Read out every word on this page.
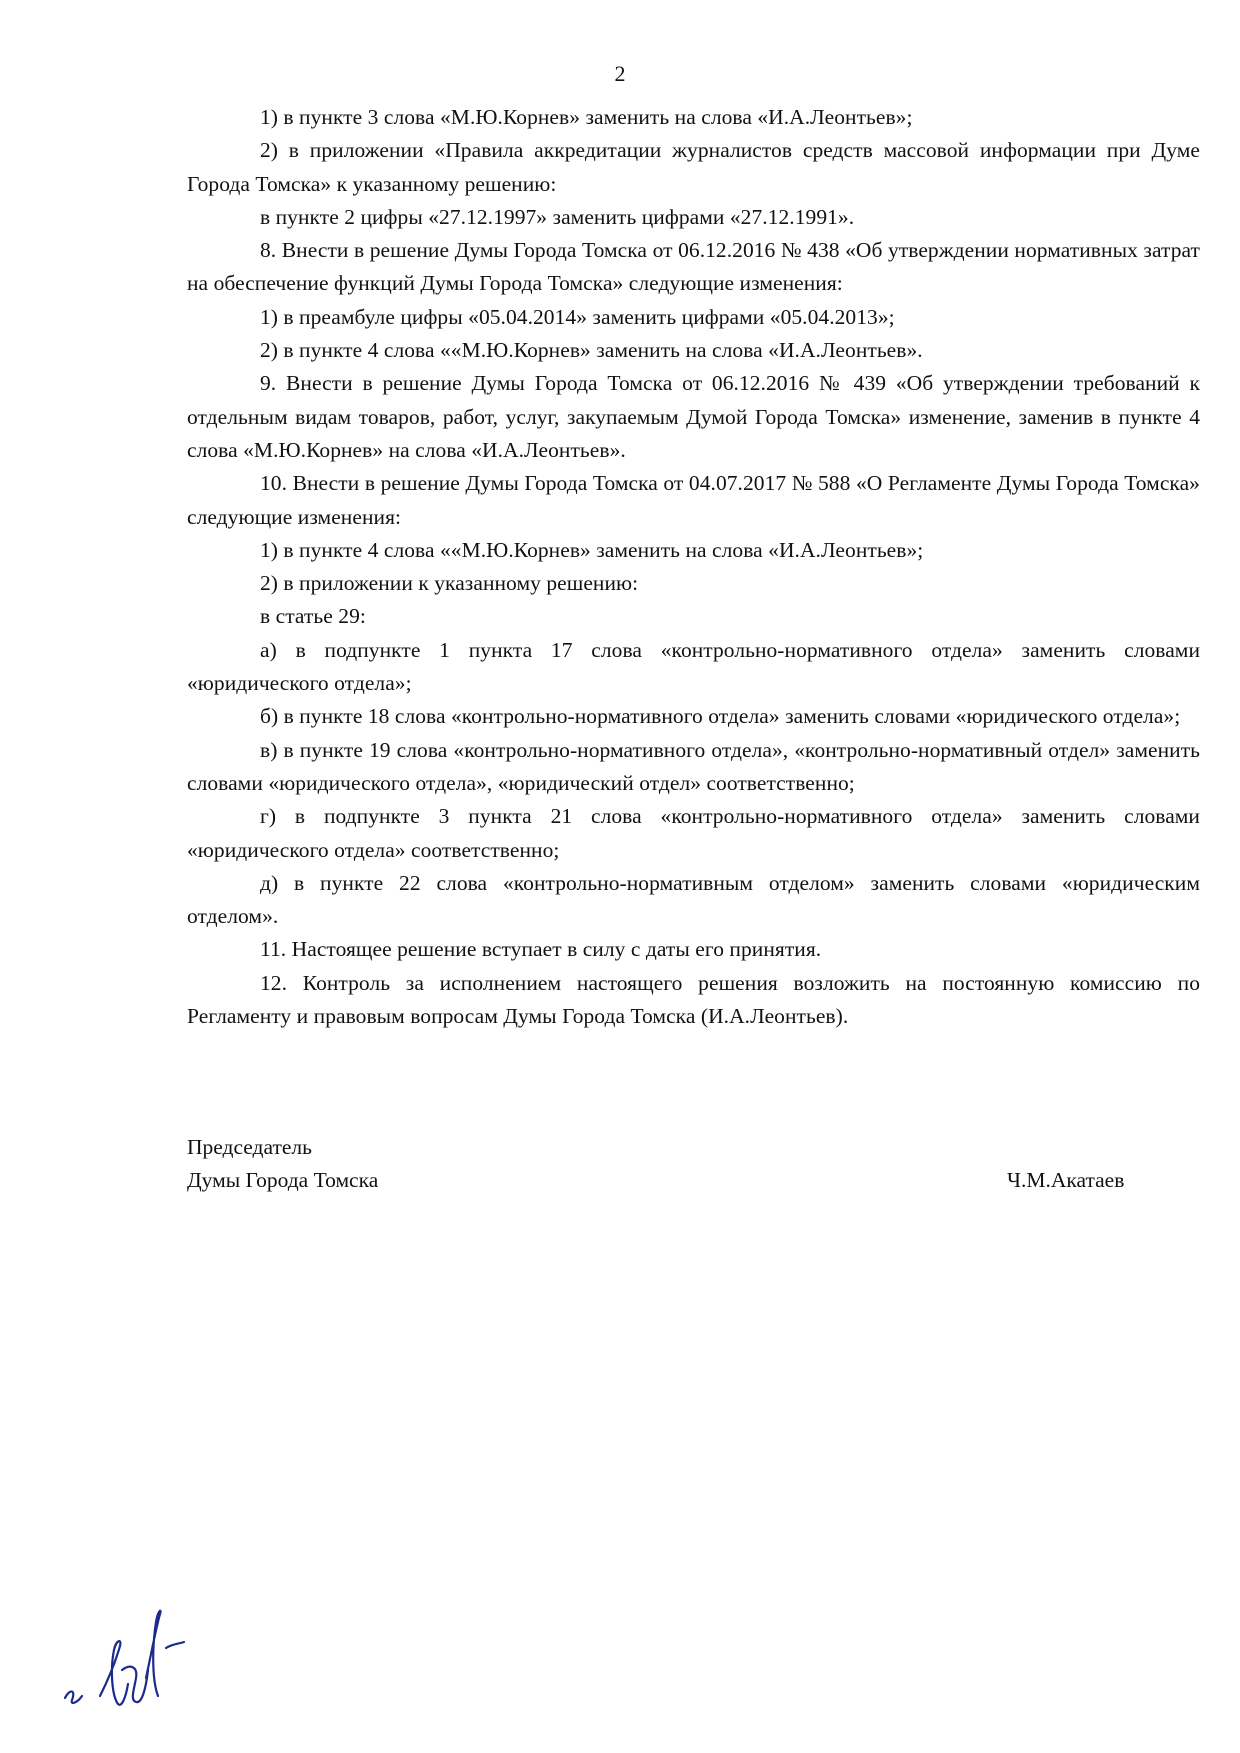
2

1) в пункте 3 слова «М.Ю.Корнев» заменить на слова «И.А.Леонтьев»;

2) в приложении «Правила аккредитации журналистов средств массовой информации при Думе Города Томска» к указанному решению:

в пункте 2 цифры «27.12.1997» заменить цифрами «27.12.1991».

8. Внести в решение Думы Города Томска от 06.12.2016 № 438 «Об утверждении нормативных затрат на обеспечение функций Думы Города Томска» следующие изменения:

1) в преамбуле цифры «05.04.2014» заменить цифрами «05.04.2013»;

2) в пункте 4 слова ««М.Ю.Корнев» заменить на слова «И.А.Леонтьев».

9. Внести в решение Думы Города Томска от 06.12.2016 № 439 «Об утверждении требований к отдельным видам товаров, работ, услуг, закупаемым Думой Города Томска» изменение, заменив в пункте 4 слова «М.Ю.Корнев» на слова «И.А.Леонтьев».

10. Внести в решение Думы Города Томска от 04.07.2017 № 588 «О Регламенте Думы Города Томска» следующие изменения:

1) в пункте 4 слова ««М.Ю.Корнев» заменить на слова «И.А.Леонтьев»;

2) в приложении к указанному решению:

в статье 29:

а) в подпункте 1 пункта 17 слова «контрольно-нормативного отдела» заменить словами «юридического отдела»;

б) в пункте 18 слова «контрольно-нормативного отдела» заменить словами «юридического отдела»;

в) в пункте 19 слова «контрольно-нормативного отдела», «контрольно-нормативный отдел» заменить словами «юридического отдела», «юридический отдел» соответственно;

г) в подпункте 3 пункта 21 слова «контрольно-нормативного отдела» заменить словами «юридического отдела» соответственно;

д) в пункте 22 слова «контрольно-нормативным отделом» заменить словами «юридическим отделом».

11. Настоящее решение вступает в силу с даты его принятия.

12. Контроль за исполнением настоящего решения возложить на постоянную комиссию по Регламенту и правовым вопросам Думы Города Томска (И.А.Леонтьев).

Председатель
Думы Города Томска	Ч.М.Акатаев
